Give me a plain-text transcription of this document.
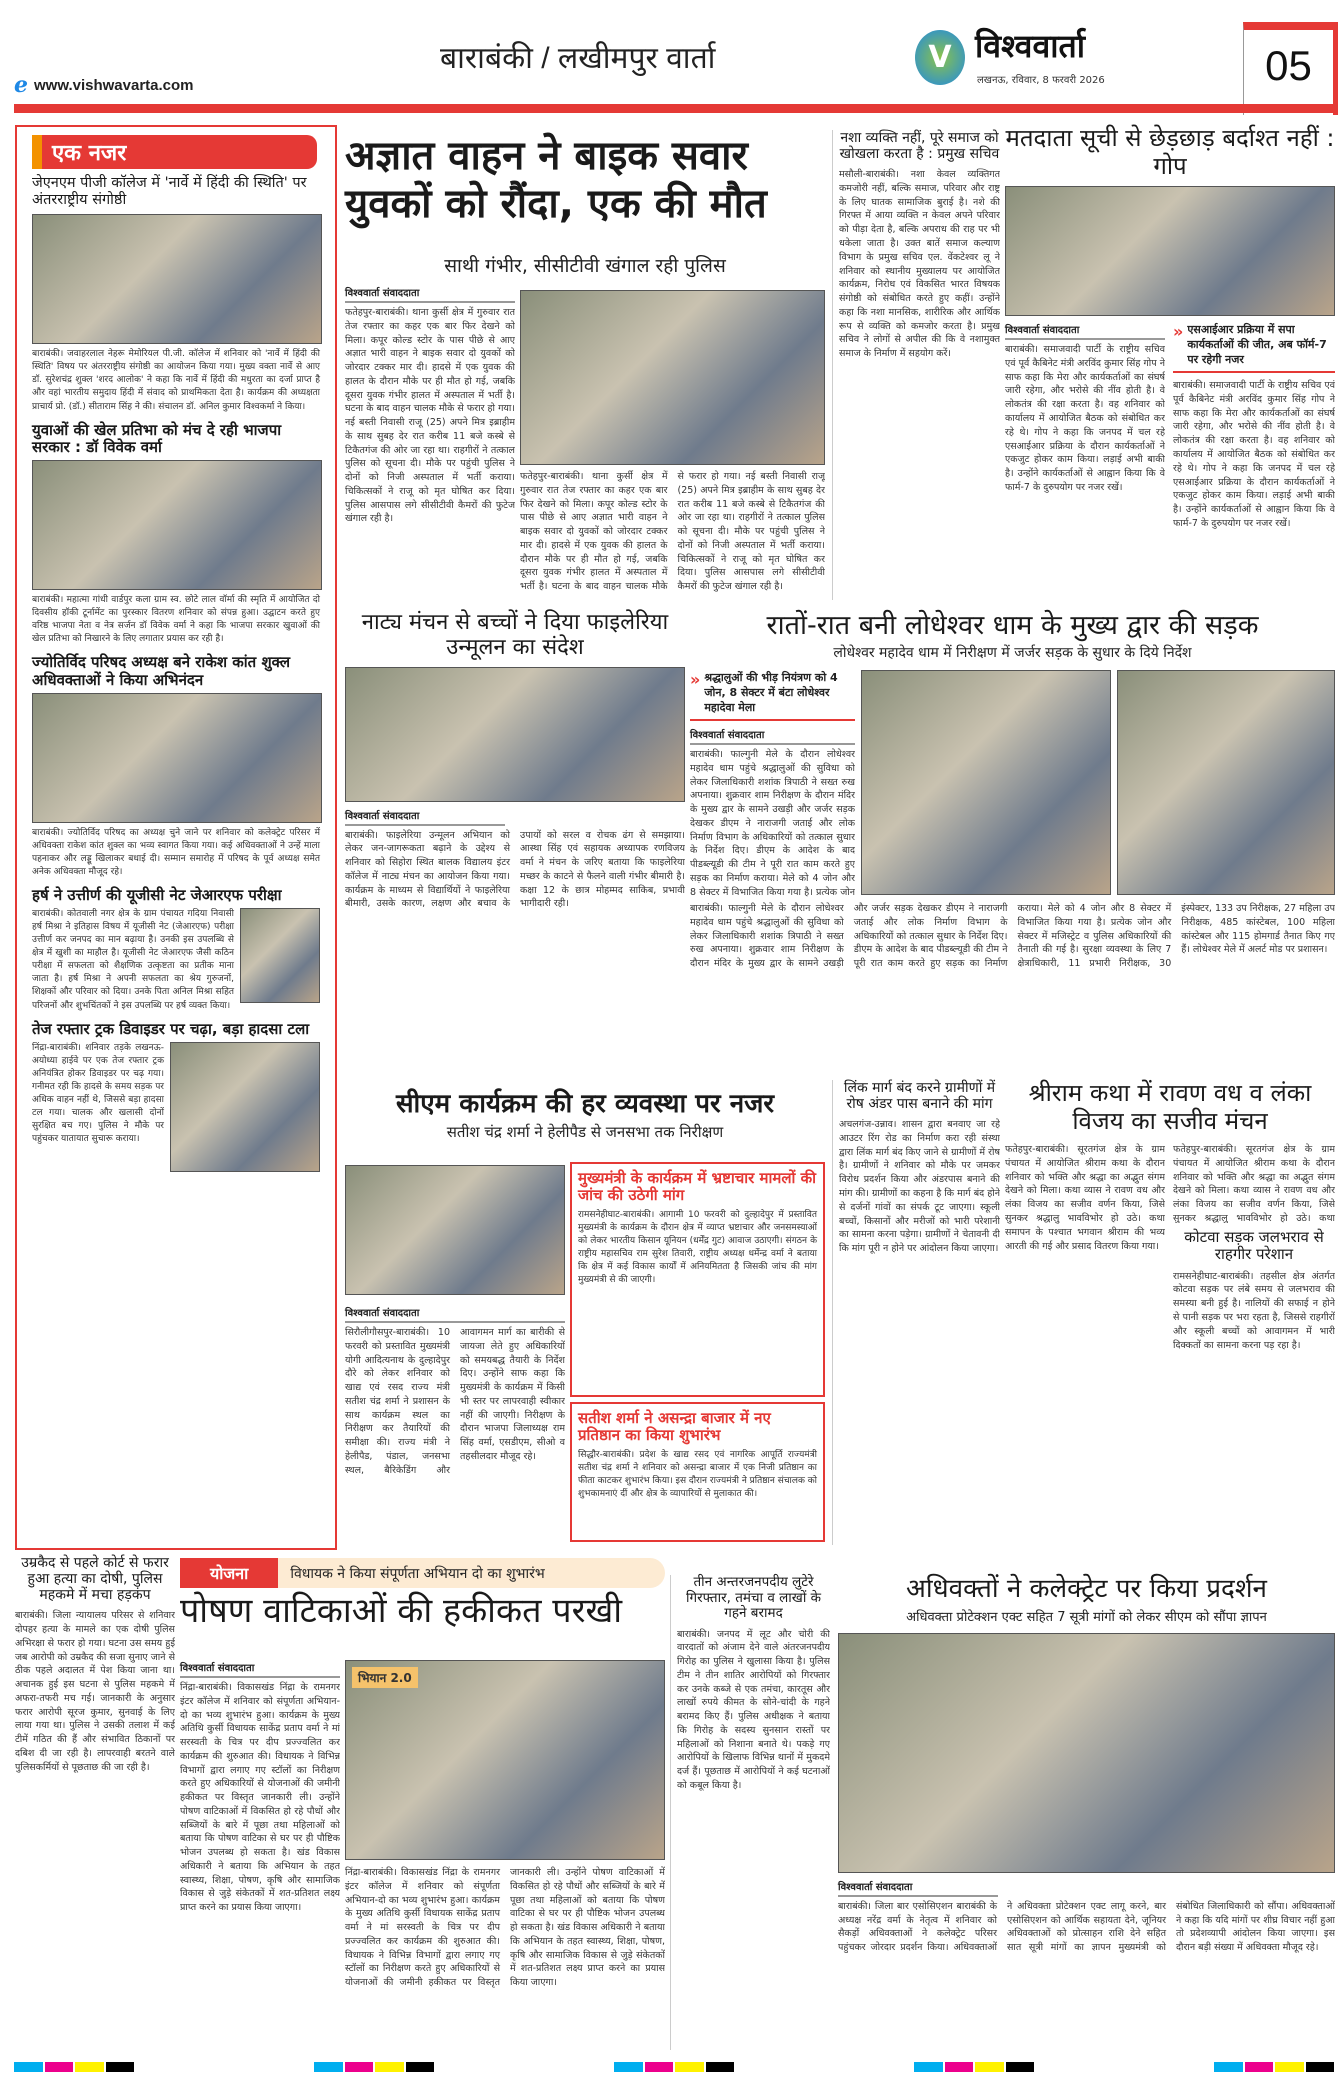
e www.vishwavarta.com
बाराबंकी / लखीमपुर वार्ता	V विश्ववार्ता
लखनऊ, रविवार, 8 फरवरी 2026	05
एक नजर
जेएनएम पीजी कॉलेज में 'नार्वे में हिंदी की स्थिति' पर अंतरराष्ट्रीय संगोष्ठी
बाराबंकी। जवाहरलाल नेहरू मेमोरियल पी.जी. कॉलेज में शनिवार को 'नार्वे में हिंदी की स्थिति' विषय पर अंतरराष्ट्रीय संगोष्ठी का आयोजन किया गया। मुख्य वक्ता नार्वे से आए डॉ. सुरेशचंद्र शुक्ल 'शरद आलोक' ने कहा कि नार्वे में हिंदी की मधुरता का दर्जा प्राप्त है और वहां भारतीय समुदाय हिंदी में संवाद को प्राथमिकता देता है। कार्यक्रम की अध्यक्षता प्राचार्य प्रो. (डॉ.) सीताराम सिंह ने की। संचालन डॉ. अनिल कुमार विश्वकर्मा ने किया।
युवाओं की खेल प्रतिभा को मंच दे रही भाजपा सरकार : डॉ विवेक वर्मा
बाराबंकी। महात्मा गांधी वार्डपुर कला ग्राम स्व. छोटे लाल वॉर्मा की स्मृति में आयोजित दो दिवसीय हॉकी टूर्नामेंट का पुरस्कार वितरण शनिवार को संपन्न हुआ। उद्घाटन करते हुए वरिष्ठ भाजपा नेता व नेत्र सर्जन डॉ विवेक वर्मा ने कहा कि भाजपा सरकार खुवाओं की खेल प्रतिभा को निखारने के लिए लगातार प्रयास कर रही है।
ज्योतिर्विद परिषद अध्यक्ष बने राकेश कांत शुक्ल अधिवक्ताओं ने किया अभिनंदन
बाराबंकी। ज्योतिर्विद परिषद का अध्यक्ष चुने जाने पर शनिवार को कलेक्ट्रेट परिसर में अधिवक्ता राकेश कांत शुक्ल का भव्य स्वागत किया गया। कई अधिवक्ताओं ने उन्हें माला पहनाकर और लड्डू खिलाकर बधाई दी। सम्मान समारोह में परिषद के पूर्व अध्यक्ष समेत अनेक अधिवक्ता मौजूद रहे।
हर्ष ने उत्तीर्ण की यूजीसी नेट जेआरएफ परीक्षा
बाराबंकी। कोतवाली नगर क्षेत्र के ग्राम पंचायत गदिया निवासी हर्ष मिश्रा ने इतिहास विषय में यूजीसी नेट (जेआरएफ) परीक्षा उत्तीर्ण कर जनपद का मान बढ़ाया है। उनकी इस उपलब्धि से क्षेत्र में खुशी का माहौल है। यूजीसी नेट जेआरएफ जैसी कठिन परीक्षा में सफलता को शैक्षणिक उत्कृष्टता का प्रतीक माना जाता है। हर्ष मिश्रा ने अपनी सफलता का श्रेय गुरुजनों, शिक्षकों और परिवार को दिया। उनके पिता अनिल मिश्रा सहित परिजनों और शुभचिंतकों ने इस उपलब्धि पर हर्ष व्यक्त किया।
तेज रफ्तार ट्रक डिवाइडर पर चढ़ा, बड़ा हादसा टला
निंद्रा-बाराबंकी। शनिवार तड़के लखनऊ-अयोध्या हाईवे पर एक तेज रफ्तार ट्रक अनियंत्रित होकर डिवाइडर पर चढ़ गया। गनीमत रही कि हादसे के समय सड़क पर अधिक वाहन नहीं थे, जिससे बड़ा हादसा टल गया। चालक और खलासी दोनों सुरक्षित बच गए। पुलिस ने मौके पर पहुंचकर यातायात सुचारू कराया।
अज्ञात वाहन ने बाइक सवार युवकों को रौंदा, एक की मौत
साथी गंभीर, सीसीटीवी खंगाल रही पुलिस
विश्ववार्ता संवाददाता
फतेहपुर-बाराबंकी। थाना कुर्सी क्षेत्र में गुरुवार रात तेज रफ्तार का कहर एक बार फिर देखने को मिला। कपूर कोल्ड स्टोर के पास पीछे से आए अज्ञात भारी वाहन ने बाइक सवार दो युवकों को जोरदार टक्कर मार दी। हादसे में एक युवक की हालत के दौरान मौके पर ही मौत हो गई, जबकि दूसरा युवक गंभीर हालत में अस्पताल में भर्ती है। घटना के बाद वाहन चालक मौके से फरार हो गया। नई बस्ती निवासी राजू (25) अपने मित्र इब्राहीम के साथ सुबह देर रात करीब 11 बजे कस्बे से टिकैतगंज की ओर जा रहा था। राहगीरों ने तत्काल पुलिस को सूचना दी। मौके पर पहुंची पुलिस ने दोनों को निजी अस्पताल में भर्ती कराया। चिकित्सकों ने राजू को मृत घोषित कर दिया। पुलिस आसपास लगे सीसीटीवी कैमरों की फुटेज खंगाल रही है।
फतेहपुर-बाराबंकी। थाना कुर्सी क्षेत्र में गुरुवार रात तेज रफ्तार का कहर एक बार फिर देखने को मिला। कपूर कोल्ड स्टोर के पास पीछे से आए अज्ञात भारी वाहन ने बाइक सवार दो युवकों को जोरदार टक्कर मार दी। हादसे में एक युवक की हालत के दौरान मौके पर ही मौत हो गई, जबकि दूसरा युवक गंभीर हालत में अस्पताल में भर्ती है। घटना के बाद वाहन चालक मौके से फरार हो गया। नई बस्ती निवासी राजू (25) अपने मित्र इब्राहीम के साथ सुबह देर रात करीब 11 बजे कस्बे से टिकैतगंज की ओर जा रहा था। राहगीरों ने तत्काल पुलिस को सूचना दी। मौके पर पहुंची पुलिस ने दोनों को निजी अस्पताल में भर्ती कराया। चिकित्सकों ने राजू को मृत घोषित कर दिया। पुलिस आसपास लगे सीसीटीवी कैमरों की फुटेज खंगाल रही है।
नशा व्यक्ति नहीं, पूरे समाज को खोखला करता है : प्रमुख सचिव
मसौली-बाराबंकी। नशा केवल व्यक्तिगत कमजोरी नहीं, बल्कि समाज, परिवार और राष्ट्र के लिए घातक सामाजिक बुराई है। नशे की गिरफ्त में आया व्यक्ति न केवल अपने परिवार को पीड़ा देता है, बल्कि अपराध की राह पर भी धकेला जाता है। उक्त बातें समाज कल्याण विभाग के प्रमुख सचिव एल. वेंकटेश्वर लू ने शनिवार को स्थानीय मुख्यालय पर आयोजित कार्यक्रम, निरोध एवं विकसित भारत विषयक संगोष्ठी को संबोधित करते हुए कहीं। उन्होंने कहा कि नशा मानसिक, शारीरिक और आर्थिक रूप से व्यक्ति को कमजोर करता है। प्रमुख सचिव ने लोगों से अपील की कि वे नशामुक्त समाज के निर्माण में सहयोग करें।
मतदाता सूची से छेड़छाड़ बर्दाश्त नहीं : गोप
विश्ववार्ता संवाददाता
बाराबंकी। समाजवादी पार्टी के राष्ट्रीय सचिव एवं पूर्व कैबिनेट मंत्री अरविंद कुमार सिंह गोप ने साफ कहा कि मेरा और कार्यकर्ताओं का संघर्ष जारी रहेगा, और भरोसे की नींव होती है। वे लोकतंत्र की रक्षा करता है। वह शनिवार को कार्यालय में आयोजित बैठक को संबोधित कर रहे थे। गोप ने कहा कि जनपद में चल रहे एसआईआर प्रक्रिया के दौरान कार्यकर्ताओं ने एकजुट होकर काम किया। लड़ाई अभी बाकी है। उन्होंने कार्यकर्ताओं से आह्वान किया कि वे फार्म-7 के दुरुपयोग पर नजर रखें।
» एसआईआर प्रक्रिया में सपा कार्यकर्ताओं की जीत, अब फॉर्म-7 पर रहेगी नजर
बाराबंकी। समाजवादी पार्टी के राष्ट्रीय सचिव एवं पूर्व कैबिनेट मंत्री अरविंद कुमार सिंह गोप ने साफ कहा कि मेरा और कार्यकर्ताओं का संघर्ष जारी रहेगा, और भरोसे की नींव होती है। वे लोकतंत्र की रक्षा करता है। वह शनिवार को कार्यालय में आयोजित बैठक को संबोधित कर रहे थे। गोप ने कहा कि जनपद में चल रहे एसआईआर प्रक्रिया के दौरान कार्यकर्ताओं ने एकजुट होकर काम किया। लड़ाई अभी बाकी है। उन्होंने कार्यकर्ताओं से आह्वान किया कि वे फार्म-7 के दुरुपयोग पर नजर रखें।
नाट्य मंचन से बच्चों ने दिया फाइलेरिया उन्मूलन का संदेश
विश्ववार्ता संवाददाता
बाराबंकी। फाइलेरिया उन्मूलन अभियान को लेकर जन-जागरूकता बढ़ाने के उद्देश्य से शनिवार को सिहोरा स्थित बालक विद्यालय इंटर कॉलेज में नाट्य मंचन का आयोजन किया गया। कार्यक्रम के माध्यम से विद्यार्थियों ने फाइलेरिया बीमारी, उसके कारण, लक्षण और बचाव के उपायों को सरल व रोचक ढंग से समझाया। आस्था सिंह एवं सहायक अध्यापक रणविजय वर्मा ने मंचन के जरिए बताया कि फाइलेरिया मच्छर के काटने से फैलने वाली गंभीर बीमारी है। कक्षा 12 के छात्र मोहम्मद साकिब, प्रभावी भागीदारी रही।
रातों-रात बनी लोधेश्वर धाम के मुख्य द्वार की सड़क
लोधेश्वर महादेव धाम में निरीक्षण में जर्जर सड़क के सुधार के दिये निर्देश
» श्रद्धालुओं की भीड़ नियंत्रण को 4 जोन, 8 सेक्टर में बंटा लोधेश्वर महादेवा मेला
विश्ववार्ता संवाददाता
बाराबंकी। फाल्गुनी मेले के दौरान लोधेश्वर महादेव धाम पहुंचे श्रद्धालुओं की सुविधा को लेकर जिलाधिकारी शशांक त्रिपाठी ने सख्त रुख अपनाया। शुक्रवार शाम निरीक्षण के दौरान मंदिर के मुख्य द्वार के सामने उखड़ी और जर्जर सड़क देखकर डीएम ने नाराजगी जताई और लोक निर्माण विभाग के अधिकारियों को तत्काल सुधार के निर्देश दिए। डीएम के आदेश के बाद पीडब्ल्यूडी की टीम ने पूरी रात काम करते हुए सड़क का निर्माण कराया। मेले को 4 जोन और 8 सेक्टर में विभाजित किया गया है। प्रत्येक जोन
बाराबंकी। फाल्गुनी मेले के दौरान लोधेश्वर महादेव धाम पहुंचे श्रद्धालुओं की सुविधा को लेकर जिलाधिकारी शशांक त्रिपाठी ने सख्त रुख अपनाया। शुक्रवार शाम निरीक्षण के दौरान मंदिर के मुख्य द्वार के सामने उखड़ी और जर्जर सड़क देखकर डीएम ने नाराजगी जताई और लोक निर्माण विभाग के अधिकारियों को तत्काल सुधार के निर्देश दिए। डीएम के आदेश के बाद पीडब्ल्यूडी की टीम ने पूरी रात काम करते हुए सड़क का निर्माण कराया। मेले को 4 जोन और 8 सेक्टर में विभाजित किया गया है। प्रत्येक जोन और सेक्टर में मजिस्ट्रेट व पुलिस अधिकारियों की तैनाती की गई है। सुरक्षा व्यवस्था के लिए 7 क्षेत्राधिकारी, 11 प्रभारी निरीक्षक, 30 इंस्पेक्टर, 133 उप निरीक्षक, 27 महिला उप निरीक्षक, 485 कांस्टेबल, 100 महिला कांस्टेबल और 115 होमगार्ड तैनात किए गए हैं। लोधेश्वर मेले में अलर्ट मोड पर प्रशासन।
सीएम कार्यक्रम की हर व्यवस्था पर नजर
सतीश चंद्र शर्मा ने हेलीपैड से जनसभा तक निरीक्षण
विश्ववार्ता संवाददाता
सिरौलीगौसपुर-बाराबंकी। 10 फरवरी को प्रस्तावित मुख्यमंत्री योगी आदित्यनाथ के दुल्हादेपुर दौरे को लेकर शनिवार को खाद्य एवं रसद राज्य मंत्री सतीश चंद्र शर्मा ने प्रशासन के साथ कार्यक्रम स्थल का निरीक्षण कर तैयारियों की समीक्षा की। राज्य मंत्री ने हेलीपैड, पंडाल, जनसभा स्थल, बैरिकेडिंग और आवागमन मार्ग का बारीकी से जायजा लेते हुए अधिकारियों को समयबद्ध तैयारी के निर्देश दिए। उन्होंने साफ कहा कि मुख्यमंत्री के कार्यक्रम में किसी भी स्तर पर लापरवाही स्वीकार नहीं की जाएगी। निरीक्षण के दौरान भाजपा जिलाध्यक्ष राम सिंह वर्मा, एसडीएम, सीओ व तहसीलदार मौजूद रहे।
मुख्यमंत्री के कार्यक्रम में भ्रष्टाचार मामलों की जांच की उठेगी मांग
रामसनेहीघाट-बाराबंकी। आगामी 10 फरवरी को दुल्हादेपुर में प्रस्तावित मुख्यमंत्री के कार्यक्रम के दौरान क्षेत्र में व्याप्त भ्रष्टाचार और जनसमस्याओं को लेकर भारतीय किसान यूनियन (धर्मेंद्र गुट) आवाज उठाएगी। संगठन के राष्ट्रीय महासचिव राम सुरेश तिवारी, राष्ट्रीय अध्यक्ष धर्मेन्द्र वर्मा ने बताया कि क्षेत्र में कई विकास कार्यों में अनियमितता है जिसकी जांच की मांग मुख्यमंत्री से की जाएगी।
सतीश शर्मा ने असन्द्रा बाजार में नए प्रतिष्ठान का किया शुभारंभ
सिद्धौर-बाराबंकी। प्रदेश के खाद्य रसद एवं नागरिक आपूर्ति राज्यमंत्री सतीश चंद्र शर्मा ने शनिवार को असन्द्रा बाजार में एक निजी प्रतिष्ठान का फीता काटकर शुभारंभ किया। इस दौरान राज्यमंत्री ने प्रतिष्ठान संचालक को शुभकामनाएं दीं और क्षेत्र के व्यापारियों से मुलाकात की।
लिंक मार्ग बंद करने ग्रामीणों में रोष अंडर पास बनाने की मांग
अचलगंज-उन्नाव। शासन द्वारा बनवाए जा रहे आउटर रिंग रोड का निर्माण करा रही संस्था द्वारा लिंक मार्ग बंद किए जाने से ग्रामीणों में रोष है। ग्रामीणों ने शनिवार को मौके पर जमकर विरोध प्रदर्शन किया और अंडरपास बनाने की मांग की। ग्रामीणों का कहना है कि मार्ग बंद होने से दर्जनों गांवों का संपर्क टूट जाएगा। स्कूली बच्चों, किसानों और मरीजों को भारी परेशानी का सामना करना पड़ेगा। ग्रामीणों ने चेतावनी दी कि मांग पूरी न होने पर आंदोलन किया जाएगा।
श्रीराम कथा में रावण वध व लंका विजय का सजीव मंचन
फतेहपुर-बाराबंकी। सूरतगंज क्षेत्र के ग्राम पंचायत में आयोजित श्रीराम कथा के दौरान शनिवार को भक्ति और श्रद्धा का अद्भुत संगम देखने को मिला। कथा व्यास ने रावण वध और लंका विजय का सजीव वर्णन किया, जिसे सुनकर श्रद्धालु भावविभोर हो उठे। कथा समापन के पश्चात भगवान श्रीराम की भव्य आरती की गई और प्रसाद वितरण किया गया।
फतेहपुर-बाराबंकी। सूरतगंज क्षेत्र के ग्राम पंचायत में आयोजित श्रीराम कथा के दौरान शनिवार को भक्ति और श्रद्धा का अद्भुत संगम देखने को मिला। कथा व्यास ने रावण वध और लंका विजय का सजीव वर्णन किया, जिसे सुनकर श्रद्धालु भावविभोर हो उठे। कथा
कोटवा सड़क जलभराव से राहगीर परेशान
रामसनेहीघाट-बाराबंकी। तहसील क्षेत्र अंतर्गत कोटवा सड़क पर लंबे समय से जलभराव की समस्या बनी हुई है। नालियों की सफाई न होने से पानी सड़क पर भरा रहता है, जिससे राहगीरों और स्कूली बच्चों को आवागमन में भारी दिक्कतों का सामना करना पड़ रहा है।
उम्रकैद से पहले कोर्ट से फरार हुआ हत्या का दोषी, पुलिस महकमे में मचा हड़कंप
बाराबंकी। जिला न्यायालय परिसर से शनिवार दोपहर हत्या के मामले का एक दोषी पुलिस अभिरक्षा से फरार हो गया। घटना उस समय हुई जब आरोपी को उम्रकैद की सजा सुनाए जाने से ठीक पहले अदालत में पेश किया जाना था। अचानक हुई इस घटना से पुलिस महकमे में अफरा-तफरी मच गई। जानकारी के अनुसार फरार आरोपी सूरज कुमार, सुनवाई के लिए लाया गया था। पुलिस ने उसकी तलाश में कई टीमें गठित की हैं और संभावित ठिकानों पर दबिश दी जा रही है। लापरवाही बरतने वाले पुलिसकर्मियों से पूछताछ की जा रही है।
योजना	विधायक ने किया संपूर्णता अभियान दो का शुभारंभ
पोषण वाटिकाओं की हकीकत परखी
विश्ववार्ता संवाददाता
निंद्रा-बाराबंकी। विकासखंड निंद्रा के रामनगर इंटर कॉलेज में शनिवार को संपूर्णता अभियान-दो का भव्य शुभारंभ हुआ। कार्यक्रम के मुख्य अतिथि कुर्सी विधायक साकेंद्र प्रताप वर्मा ने मां सरस्वती के चित्र पर दीप प्रज्ज्वलित कर कार्यक्रम की शुरुआत की। विधायक ने विभिन्न विभागों द्वारा लगाए गए स्टॉलों का निरीक्षण करते हुए अधिकारियों से योजनाओं की जमीनी हकीकत पर विस्तृत जानकारी ली। उन्होंने पोषण वाटिकाओं में विकसित हो रहे पौधों और सब्जियों के बारे में पूछा तथा महिलाओं को बताया कि पोषण वाटिका से घर पर ही पौष्टिक भोजन उपलब्ध हो सकता है। खंड विकास अधिकारी ने बताया कि अभियान के तहत स्वास्थ्य, शिक्षा, पोषण, कृषि और सामाजिक विकास से जुड़े संकेतकों में शत-प्रतिशत लक्ष्य प्राप्त करने का प्रयास किया जाएगा।
भियान 2.0
निंद्रा-बाराबंकी। विकासखंड निंद्रा के रामनगर इंटर कॉलेज में शनिवार को संपूर्णता अभियान-दो का भव्य शुभारंभ हुआ। कार्यक्रम के मुख्य अतिथि कुर्सी विधायक साकेंद्र प्रताप वर्मा ने मां सरस्वती के चित्र पर दीप प्रज्ज्वलित कर कार्यक्रम की शुरुआत की। विधायक ने विभिन्न विभागों द्वारा लगाए गए स्टॉलों का निरीक्षण करते हुए अधिकारियों से योजनाओं की जमीनी हकीकत पर विस्तृत जानकारी ली। उन्होंने पोषण वाटिकाओं में विकसित हो रहे पौधों और सब्जियों के बारे में पूछा तथा महिलाओं को बताया कि पोषण वाटिका से घर पर ही पौष्टिक भोजन उपलब्ध हो सकता है। खंड विकास अधिकारी ने बताया कि अभियान के तहत स्वास्थ्य, शिक्षा, पोषण, कृषि और सामाजिक विकास से जुड़े संकेतकों में शत-प्रतिशत लक्ष्य प्राप्त करने का प्रयास किया जाएगा।
तीन अन्तरजनपदीय लुटेरे गिरफ्तार, तमंचा व लाखों के गहने बरामद
बाराबंकी। जनपद में लूट और चोरी की वारदातों को अंजाम देने वाले अंतरजनपदीय गिरोह का पुलिस ने खुलासा किया है। पुलिस टीम ने तीन शातिर आरोपियों को गिरफ्तार कर उनके कब्जे से एक तमंचा, कारतूस और लाखों रुपये कीमत के सोने-चांदी के गहने बरामद किए हैं। पुलिस अधीक्षक ने बताया कि गिरोह के सदस्य सुनसान रास्तों पर महिलाओं को निशाना बनाते थे। पकड़े गए आरोपियों के खिलाफ विभिन्न थानों में मुकदमे दर्ज हैं। पूछताछ में आरोपियों ने कई घटनाओं को कबूल किया है।
अधिवक्तों ने कलेक्ट्रेट पर किया प्रदर्शन
अधिवक्ता प्रोटेक्शन एक्ट सहित 7 सूत्री मांगों को लेकर सीएम को सौंपा ज्ञापन
विश्ववार्ता संवाददाता
बाराबंकी। जिला बार एसोसिएशन बाराबंकी के अध्यक्ष नरेंद्र वर्मा के नेतृत्व में शनिवार को सैकड़ों अधिवक्ताओं ने कलेक्ट्रेट परिसर पहुंचकर जोरदार प्रदर्शन किया। अधिवक्ताओं ने अधिवक्ता प्रोटेक्शन एक्ट लागू करने, बार एसोसिएशन को आर्थिक सहायता देने, जूनियर अधिवक्ताओं को प्रोत्साहन राशि देने सहित सात सूत्री मांगों का ज्ञापन मुख्यमंत्री को संबोधित जिलाधिकारी को सौंपा। अधिवक्ताओं ने कहा कि यदि मांगों पर शीघ्र विचार नहीं हुआ तो प्रदेशव्यापी आंदोलन किया जाएगा। इस दौरान बड़ी संख्या में अधिवक्ता मौजूद रहे।
